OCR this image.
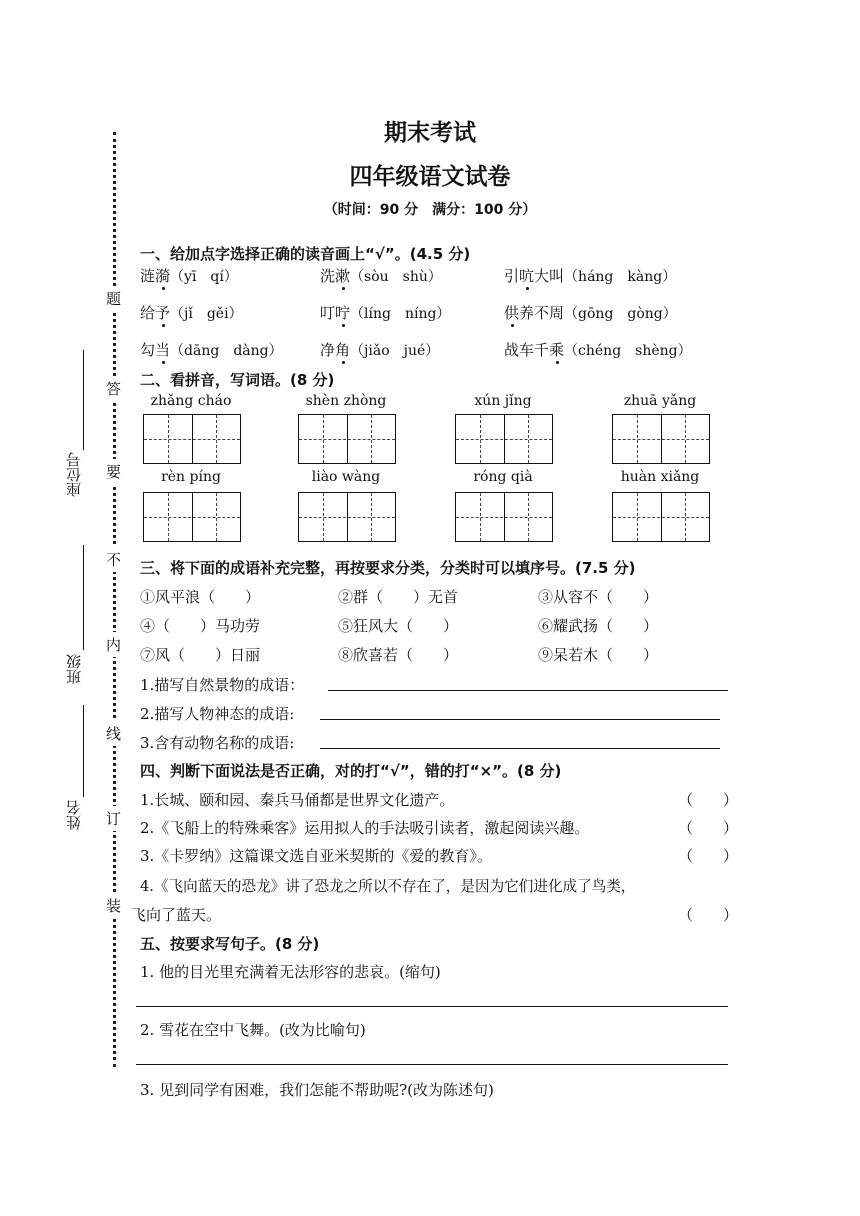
期末考试
四年级语文试卷
（时间：90 分　满分：100 分）
题
答
要
不
内
线
订
装
座位号
班级
姓名
一、给加点字选择正确的读音画上“√”。(4.5 分)
涟漪（yī　qí）	洗漱（sòu　shù）	引吭大叫（háng　kàng）
给予（jǐ　gěi）	叮咛（líng　níng）	供养不周（gōng　gòng）
勾当（dāng　dàng） 净角（jiǎo　jué）	战车千乘（chéng　shèng）
二、看拼音，写词语。(8 分)
zhǎng cháo	shèn zhòng	xún jǐng	zhuā yǎng
rèn píng	liào wàng	róng qià	huàn xiǎng
三、将下面的成语补充完整，再按要求分类，分类时可以填序号。(7.5 分)
①风平浪（　　）	②群（　　）无首	③从容不（　　）
④（　　）马功劳	⑤狂风大（　　）	⑥耀武扬（　　）
⑦风（　　）日丽	⑧欣喜若（　　）	⑨呆若木（　　）
1.描写自然景物的成语：
2.描写人物神态的成语:
3.含有动物名称的成语:
四、判断下面说法是否正确，对的打“√”，错的打“×”。(8 分)
1.长城、颐和园、秦兵马俑都是世界文化遗产。	（　　）
2.《飞船上的特殊乘客》运用拟人的手法吸引读者，激起阅读兴趣。	（　　）
3.《卡罗纳》这篇课文选自亚米契斯的《爱的教育》。	（　　）
4.《飞向蓝天的恐龙》讲了恐龙之所以不存在了，是因为它们进化成了鸟类，
飞向了蓝天。	（　　）
五、按要求写句子。(8 分)
1. 他的目光里充满着无法形容的悲哀。(缩句)
2. 雪花在空中飞舞。(改为比喻句)
3. 见到同学有困难，我们怎能不帮助呢?(改为陈述句)
